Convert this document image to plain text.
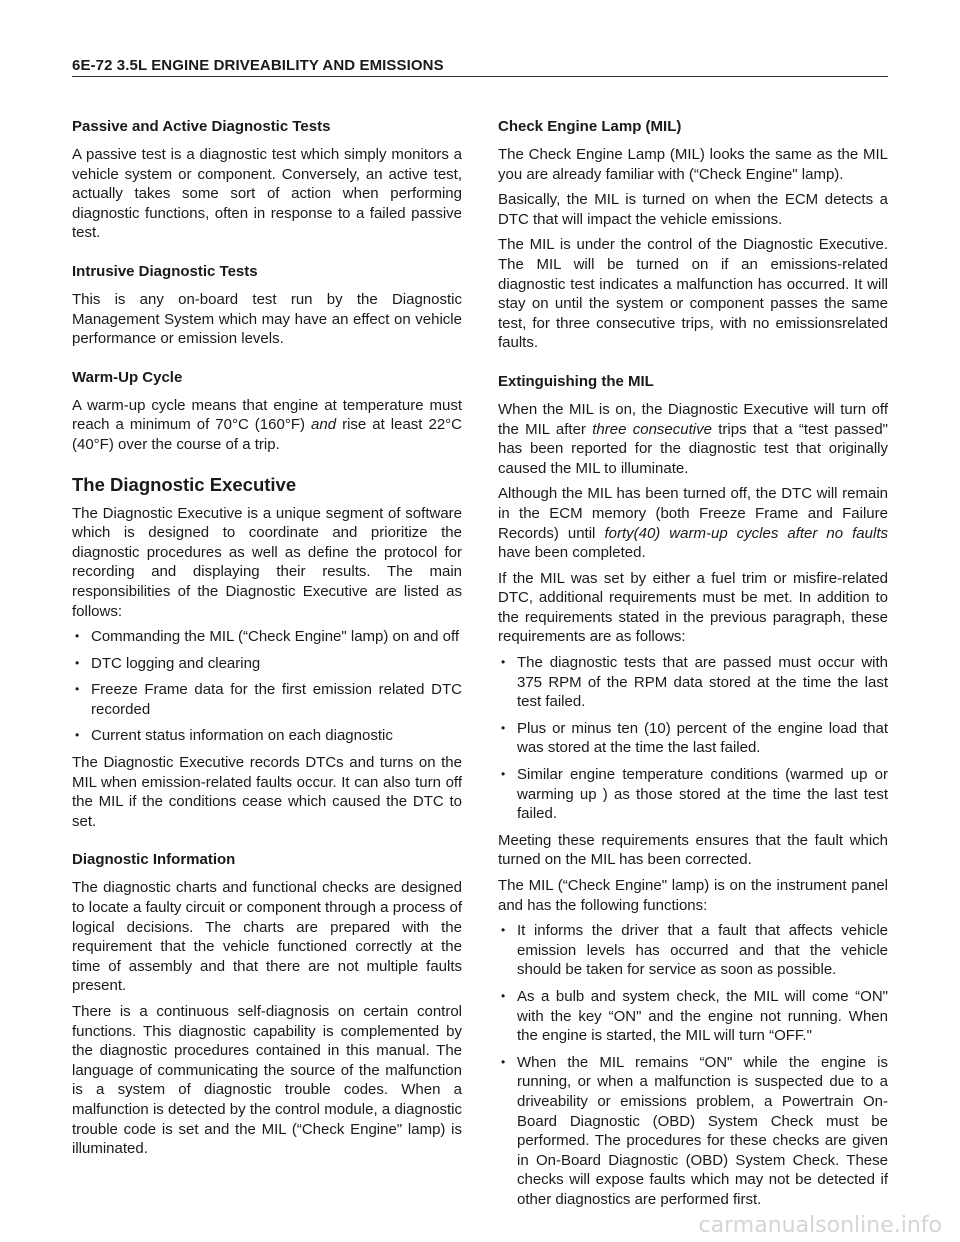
6E-72 3.5L ENGINE DRIVEABILITY AND EMISSIONS
Passive and Active Diagnostic Tests

A passive test is a diagnostic test which simply monitors a vehicle system or component. Conversely, an active test, actually takes some sort of action when performing diagnostic functions, often in response to a failed passive test.

Intrusive Diagnostic Tests

This is any on-board test run by the Diagnostic Management System which may have an effect on vehicle performance or emission levels.

Warm-Up Cycle

A warm-up cycle means that engine at temperature must reach a minimum of 70°C (160°F) and rise at least 22°C (40°F) over the course of a trip.

The Diagnostic Executive

The Diagnostic Executive is a unique segment of software which is designed to coordinate and prioritize the diagnostic procedures as well as define the protocol for recording and displaying their results. The main responsibilities of the Diagnostic Executive are listed as follows:

• Commanding the MIL (“Check Engine" lamp) on and off
• DTC logging and clearing
• Freeze Frame data for the first emission related DTC recorded
• Current status information on each diagnostic

The Diagnostic Executive records DTCs and turns on the MIL when emission-related faults occur. It can also turn off the MIL if the conditions cease which caused the DTC to set.

Diagnostic Information

The diagnostic charts and functional checks are designed to locate a faulty circuit or component through a process of logical decisions. The charts are prepared with the requirement that the vehicle functioned correctly at the time of assembly and that there are not multiple faults present.

There is a continuous self-diagnosis on certain control functions. This diagnostic capability is complemented by the diagnostic procedures contained in this manual. The language of communicating the source of the malfunction is a system of diagnostic trouble codes. When a malfunction is detected by the control module, a diagnostic trouble code is set and the MIL (“Check Engine" lamp) is illuminated.

Check Engine Lamp (MIL)

The Check Engine Lamp (MIL) looks the same as the MIL you are already familiar with (“Check Engine" lamp).

Basically, the MIL is turned on when the ECM detects a DTC that will impact the vehicle emissions.

The MIL is under the control of the Diagnostic Executive. The MIL will be turned on if an emissions-related diagnostic test indicates a malfunction has occurred. It will stay on until the system or component passes the same test, for three consecutive trips, with no emissionsrelated faults.

Extinguishing the MIL

When the MIL is on, the Diagnostic Executive will turn off the MIL after three consecutive trips that a “test passed" has been reported for the diagnostic test that originally caused the MIL to illuminate.

Although the MIL has been turned off, the DTC will remain in the ECM memory (both Freeze Frame and Failure Records) until forty(40) warm-up cycles after no faults have been completed.

If the MIL was set by either a fuel trim or misfire-related DTC, additional requirements must be met. In addition to the requirements stated in the previous paragraph, these requirements are as follows:

• The diagnostic tests that are passed must occur with 375 RPM of the RPM data stored at the time the last test failed.
• Plus or minus ten (10) percent of the engine load that was stored at the time the last failed.
• Similar engine temperature conditions (warmed up or warming up ) as those stored at the time the last test failed.

Meeting these requirements ensures that the fault which turned on the MIL has been corrected.

The MIL (“Check Engine" lamp) is on the instrument panel and has the following functions:

• It informs the driver that a fault that affects vehicle emission levels has occurred and that the vehicle should be taken for service as soon as possible.
• As a bulb and system check, the MIL will come “ON" with the key “ON" and the engine not running. When the engine is started, the MIL will turn “OFF."
• When the MIL remains “ON" while the engine is running, or when a malfunction is suspected due to a driveability or emissions problem, a Powertrain On-Board Diagnostic (OBD) System Check must be performed. The procedures for these checks are given in On-Board Diagnostic (OBD) System Check. These checks will expose faults which may not be detected if other diagnostics are performed first.
carmanualsonline.info
